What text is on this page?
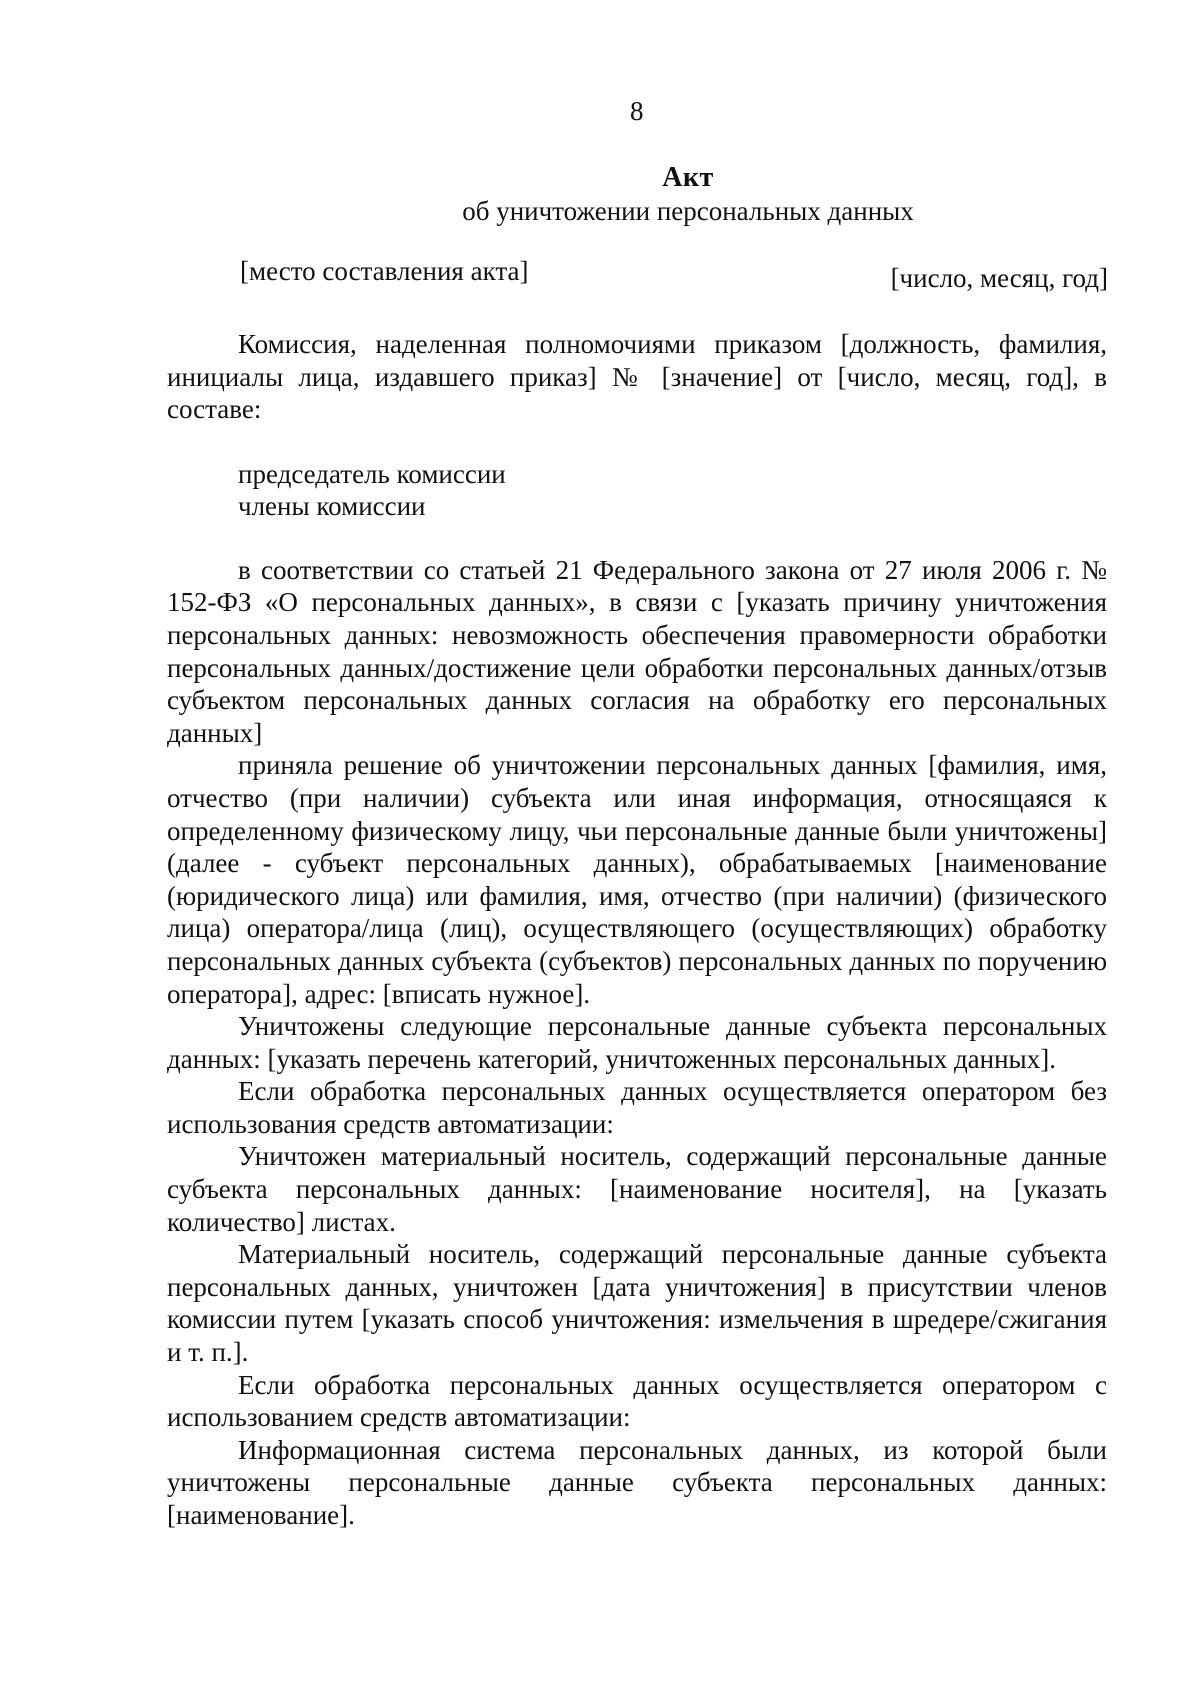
8
Акт
об уничтожении персональных данных
[место составления акта]	[число, месяц, год]

Комиссия, наделенная полномочиями приказом [должность, фамилия, инициалы лица, издавшего приказ] № [значение] от [число, месяц, год], в составе:

председатель комиссии
члены комиссии

в соответствии со статьей 21 Федерального закона от 27 июля 2006 г. № 152-ФЗ «О персональных данных», в связи с [указать причину уничтожения персональных данных: невозможность обеспечения правомерности обработки персональных данных/достижение цели обработки персональных данных/отзыв субъектом персональных данных согласия на обработку его персональных данных]

приняла решение об уничтожении персональных данных [фамилия, имя, отчество (при наличии) субъекта или иная информация, относящаяся к определенному физическому лицу, чьи персональные данные были уничтожены] (далее - субъект персональных данных), обрабатываемых [наименование (юридического лица) или фамилия, имя, отчество (при наличии) (физического лица) оператора/лица (лиц), осуществляющего (осуществляющих) обработку персональных данных субъекта (субъектов) персональных данных по поручению оператора], адрес: [вписать нужное].

Уничтожены следующие персональные данные субъекта персональных данных: [указать перечень категорий, уничтоженных персональных данных].

Если обработка персональных данных осуществляется оператором без использования средств автоматизации:

Уничтожен материальный носитель, содержащий персональные данные субъекта персональных данных: [наименование носителя], на [указать количество] листах.

Материальный носитель, содержащий персональные данные субъекта персональных данных, уничтожен [дата уничтожения] в присутствии членов комиссии путем [указать способ уничтожения: измельчения в шредере/сжигания и т. п.].

Если обработка персональных данных осуществляется оператором с использованием средств автоматизации:

Информационная система персональных данных, из которой были уничтожены персональные данные субъекта персональных данных: [наименование].
